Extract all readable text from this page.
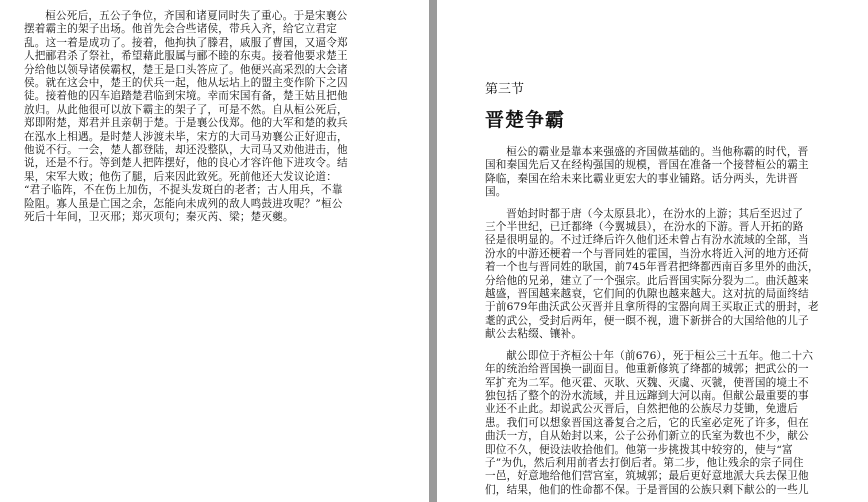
桓公死后，五公子争位，齐国和诸夏同时失了重心。于是宋襄公
摆着霸主的架子出场。他首先会合些诸侯，带兵入齐，给它立君定
乱。这一着是成功了。接着，他拘执了滕君，戚服了曹国，又逼令郑
人把郦君杀了祭社，希望藉此服属与郦不睦的东夷。接着他要求楚王
分给他以领导诸侯霸权，楚王是口头答应了。他便兴高采烈的大会诸
侯。就在这会中，楚王的伏兵一起，他从坛坫上的盟主变作阶下之囚
徒。接着他的囚车追踏楚君临到宋境。幸而宋国有备，楚王姑且把他
放归。从此他很可以放下霸主的架子了，可是不然。自从桓公死后，
郑即附楚，郑君并且亲朝于楚。于是襄公伐郑。他的大军和楚的救兵
在泓水上相遇。是时楚人涉渡未毕，宋方的大司马劝襄公正好迎击，
他说不行。一会，楚人都登陆，却还没整队，大司马又劝他进击，他
说，还是不行。等到楚人把阵摆好，他的良心才容许他下进攻令。结
果，宋军大败；他伤了腿，后来因此致死。死前他还大发议论道：
“君子临阵，不在伤上加伤，不捉头发斑白的老者；古人用兵，不靠
险阻。寡人虽是亡国之余，怎能向未成列的敌人鸣鼓进攻呢？”桓公
死后十年间，卫灭邢；郑灭项句；秦灭芮、梁；楚灭夔。

第三节
晋楚争霸

桓公的霸业是靠本来强盛的齐国做基础的。当他称霸的时代，晋
国和秦国先后又在经构强国的规模，晋国在准备一个接替桓公的霸主
降临，秦国在给未来比霸业更宏大的事业铺路。话分两头，先讲晋
国。

晋始封时都于唐（今太原县北），在汾水的上游；其后至迟过了
三个半世纪，已迁都绛（今翼城县），在汾水的下游。晋人开拓的路
径是很明显的。不过迁绛后许久他们还未曾占有汾水流域的全部，当
汾水的中游还梗着一个与晋同姓的霍国，当汾水将近入河的地方还荷
着一个也与晋同姓的耿国，前745年晋君把绛都西南百多里外的曲沃，
分给他的兄弟，建立了一个强宗。此后晋国实际分裂为二。曲沃越来
越盛，晋国越来越衰，它们间的仇隙也越来越大。这对抗的局面终结
于前679年曲沃武公灭晋并且拿所得的宝器向周王买取正式的册封，老
耄的武公，受封后两年，便一瞑不视，遗下新拼合的大国给他的儿子
献公去粘缀、镶补。

献公即位于齐桓公十年（前676），死于桓公三十五年。他二十六
年的统治给晋国换一副面目。他重新修筑了绛都的城郭；把武公的一
军扩充为二军。他灭霍、灭耿、灭魏、灭虞、灭虢，使晋国的境土不
独包括了整个的汾水流域，并且远蹿到大河以南。但献公最重要的事
业还不止此。却说武公灭晋后，自然把他的公族尽力芟锄，免遗后
患。我们可以想象晋国这番复合之后，它的氏室必定死了许多，但在
曲沃一方，自从始封以来，公子公孙们新立的氏室为数也不少，献公
即位不久，便设法收拾他们。他第一步挑拨其中较穷的，使与“富
子”为仇，然后利用前者去打倒后者。第二步，他让残余的宗子同住
一邑，好意地给他们营宫室，筑城郭；最后更好意地派大兵去保卫他
们，结果，他们的性命都不保。于是晋国的公族只剩下献公的一些儿
